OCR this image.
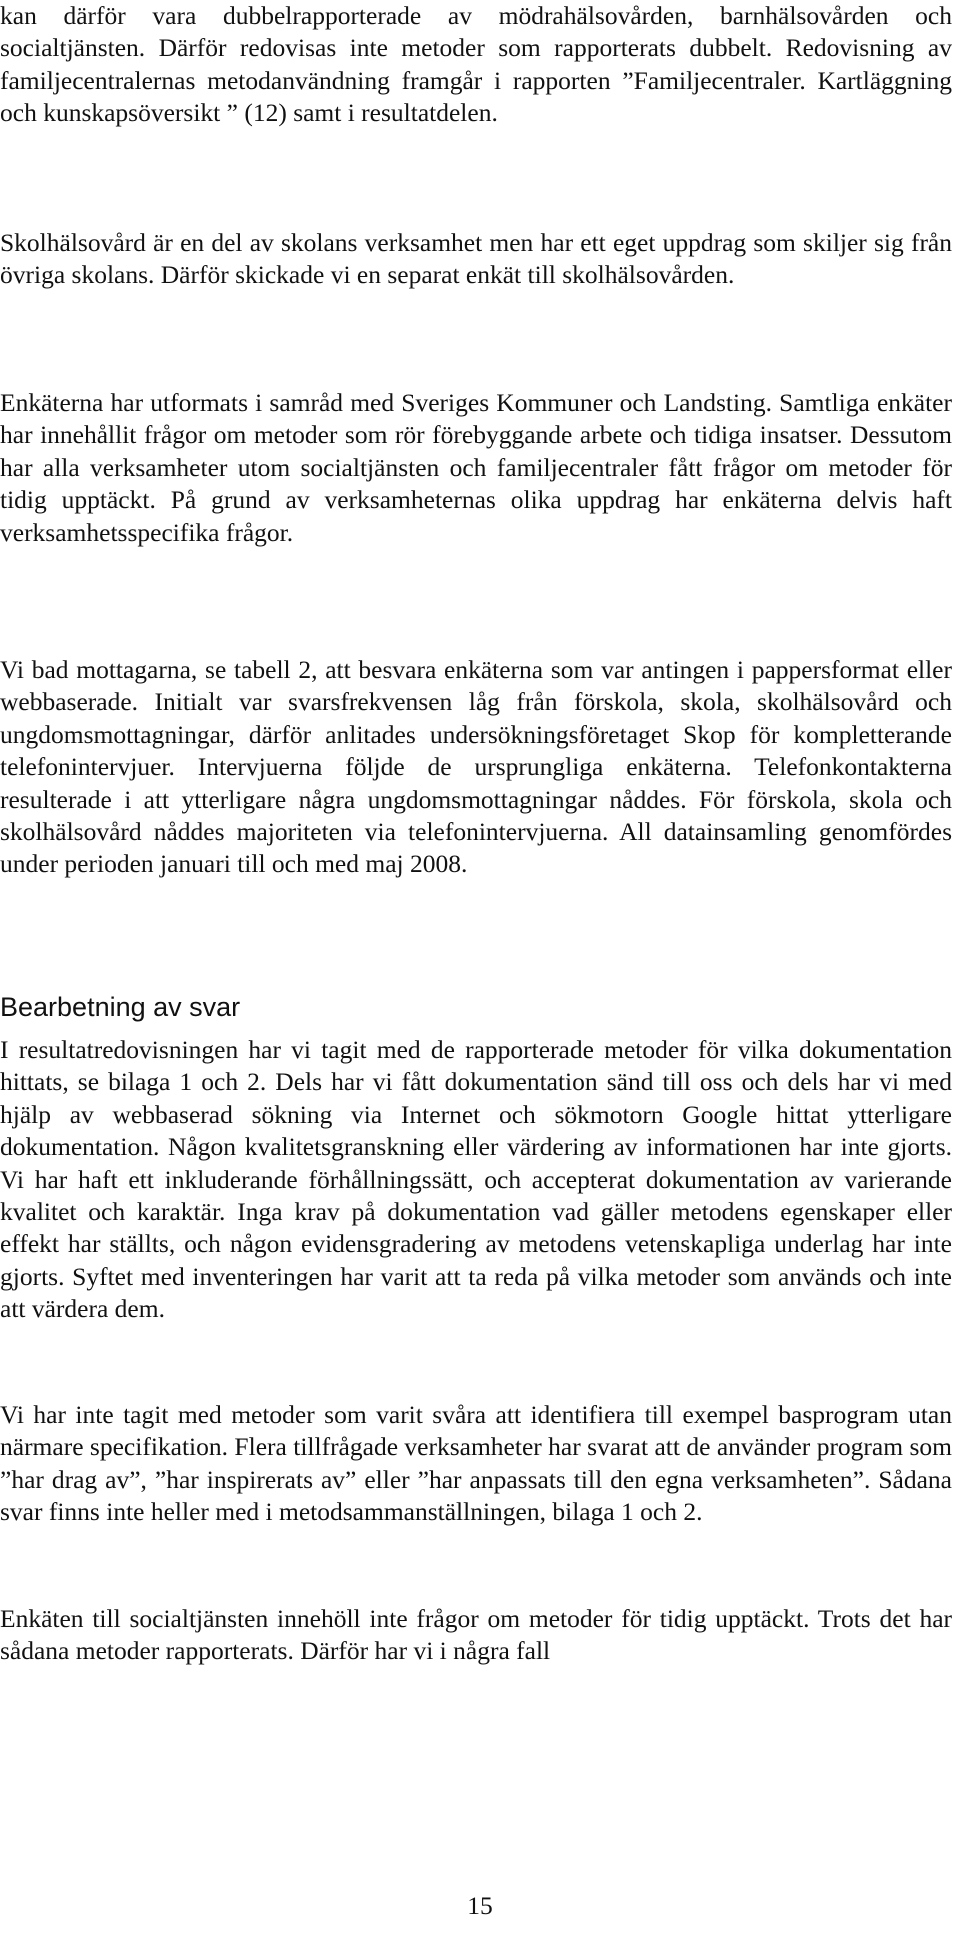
kan därför vara dubbelrapporterade av mödrahälsovården, barnhälsovården och socialtjänsten. Därför redovisas inte metoder som rapporterats dubbelt. Redovisning av familjecentralernas metodanvändning framgår i rapporten ”Familjecentraler. Kartläggning och kunskapsöversikt ” (12) samt i resultatdelen.

Skolhälsovård är en del av skolans verksamhet men har ett eget uppdrag som skiljer sig från övriga skolans. Därför skickade vi en separat enkät till skolhälsovården.

Enkäterna har utformats i samråd med Sveriges Kommuner och Landsting. Samtliga enkäter har innehållit frågor om metoder som rör förebyggande arbete och tidiga insatser. Dessutom har alla verksamheter utom socialtjänsten och familjecentraler fått frågor om metoder för tidig upptäckt. På grund av verksamheternas olika uppdrag har enkäterna delvis haft verksamhetsspecifika frågor.

Vi bad mottagarna, se tabell 2, att besvara enkäterna som var antingen i pappersformat eller webbaserade. Initialt var svarsfrekvensen låg från förskola, skola, skolhälsovård och ungdomsmottagningar, därför anlitades undersökningsföretaget Skop för kompletterande telefonintervjuer. Intervjuerna följde de ursprungliga enkäterna. Telefonkontakterna resulterade i att ytterligare några ungdomsmottagningar nåddes. För förskola, skola och skolhälsovård nåddes majoriteten via telefonintervjuerna. All datainsamling genomfördes under perioden januari till och med maj 2008.

Bearbetning av svar

I resultatredovisningen har vi tagit med de rapporterade metoder för vilka dokumentation hittats, se bilaga 1 och 2. Dels har vi fått dokumentation sänd till oss och dels har vi med hjälp av webbaserad sökning via Internet och sökmotorn Google hittat ytterligare dokumentation. Någon kvalitetsgranskning eller värdering av informationen har inte gjorts. Vi har haft ett inkluderande förhållningssätt, och accepterat dokumentation av varierande kvalitet och karaktär. Inga krav på dokumentation vad gäller metodens egenskaper eller effekt har ställts, och någon evidensgradering av metodens vetenskapliga underlag har inte gjorts. Syftet med inventeringen har varit att ta reda på vilka metoder som används och inte att värdera dem.

Vi har inte tagit med metoder som varit svåra att identifiera till exempel basprogram utan närmare specifikation. Flera tillfrågade verksamheter har svarat att de använder program som ”har drag av”, ”har inspirerats av” eller ”har anpassats till den egna verksamheten”. Sådana svar finns inte heller med i metodsammanställningen, bilaga 1 och 2.

Enkäten till socialtjänsten innehöll inte frågor om metoder för tidig upptäckt. Trots det har sådana metoder rapporterats. Därför har vi i några fall

15
